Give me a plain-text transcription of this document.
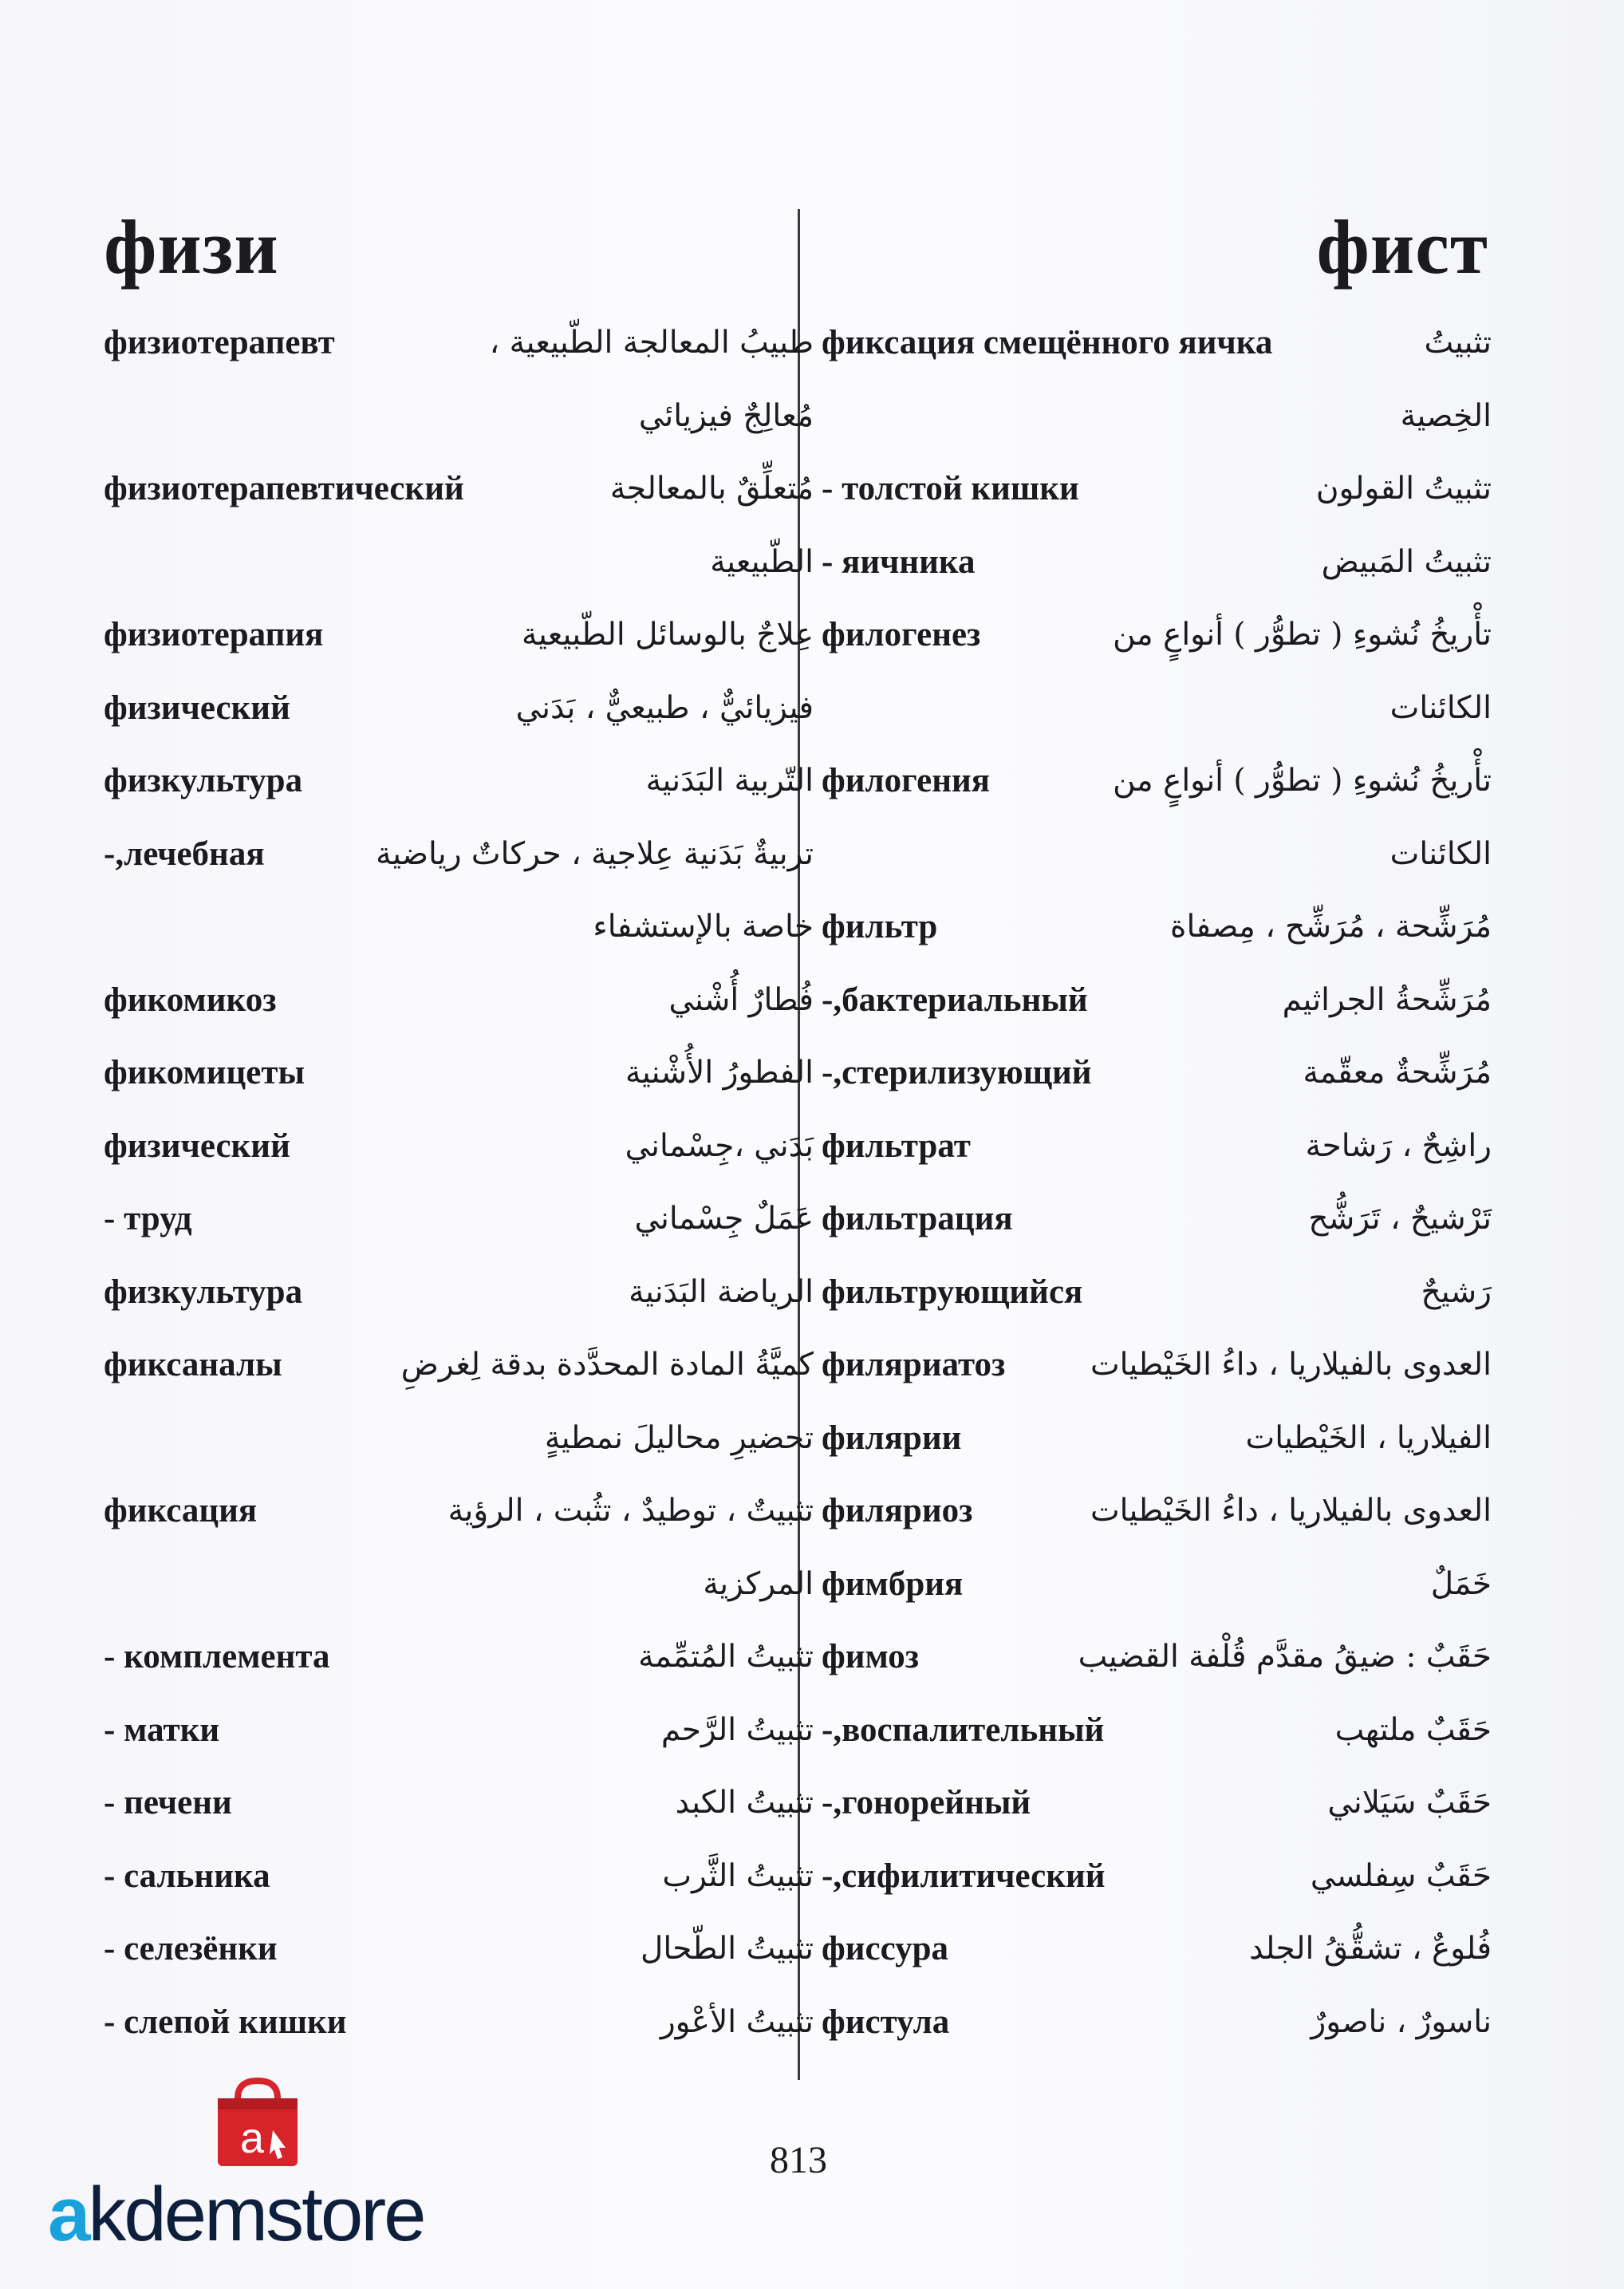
физи	фист
физиотерапевт	طبيبُ المعالجة الطّبيعية ،
مُعالِجٌ فيزيائي
физиотерапевтический	مُتعلِّقٌ بالمعالجة
الطّبيعية
физиотерапия	عِلاجٌ بالوسائل الطّبيعية
физический	فيزيائيٌّ ، طبيعيٌّ ، بَدَني
физкультура	التّربية البَدَنية
-,лечебная	تربيةٌ بَدَنية عِلاجية ، حركاتٌ رياضية
خاصة بالإستشفاء
фикомикоз	فُطارٌ أُشْني
фикомицеты	الفطورُ الأُشْنية
физический	بَدَني ،جِسْماني
- труд	عَمَلٌ جِسْماني
физкультура	الرياضة البَدَنية
фиксаналы	كميَّةُ المادة المحدَّدة بدقة لِغرضِ
تحضيرِ محاليلَ نمطيةٍ
фиксация	تثبيتٌ ، توطيدٌ ، تثُبت ، الرؤية
المركزية
- комплемента	تثبيتُ المُتمِّمة
- матки	تثبيتُ الرَّحم
- печени	تثبيتُ الكبد
- сальника	تثبيتُ الثَّرب
- селезёнки	تثبيتُ الطّحال
- слепой кишки	تثبيتُ الأعْور
фиксация смещённого яичка	تثبيتُ
الخِصية
- толстой кишки	تثبيتُ القولون
- яичника	تثبيتُ المَبيض
филогенез	تأْريخُ نُشوءِ ( تطوُّر ) أنواعٍ من
الكائنات
филогения	تأْريخُ نُشوءِ ( تطوُّر ) أنواعٍ من
الكائنات
фильтр	مُرَشِّحة ، مُرَشِّح ، مِصفاة
-,бактериальный	مُرَشِّحةُ الجراثيم
-,стерилизующий	مُرَشِّحةٌ معقّمة
фильтрат	راشِحٌ ، رَشاحة
фильтрация	تَرْشيحٌ ، تَرَشُّح
фильтрующийся	رَشيحٌ
филяриатоз	العدوى بالفيلاريا ، داءُ الخَيْطيات
филярии	الفيلاريا ، الخَيْطيات
филяриоз	العدوى بالفيلاريا ، داءُ الخَيْطيات
фимбрия	خَمَلٌ
фимоз	حَقَبٌ : ضيقُ مقدَّم قُلْفة القضيب
-,воспалительный	حَقَبٌ ملتهب
-,гонорейный	حَقَبٌ سَيَلاني
-,сифилитический	حَقَبٌ سِفلسي
фиссура	فُلوعٌ ، تشقُّقُ الجلد
фистула	ناسورٌ ، ناصورٌ
813
a
akdemstore
